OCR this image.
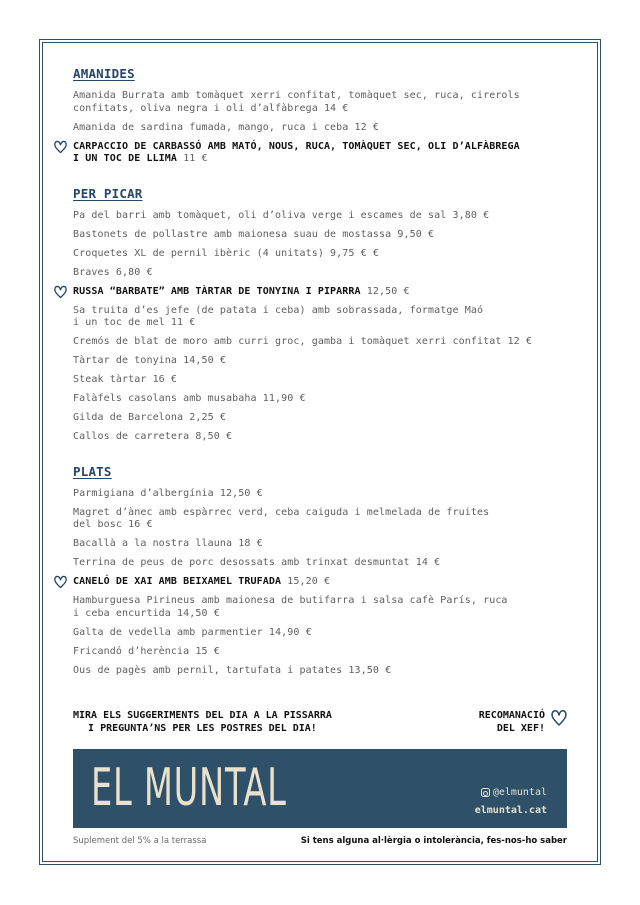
AMANIDES
Amanida Burrata amb tomàquet xerri confitat, tomàquet sec, ruca, cirerols
confitats, oliva negra i oli d’alfàbrega 14 €
Amanida de sardina fumada, mango, ruca i ceba 12 €
CARPACCIO DE CARBASSÓ AMB MATÓ, NOUS, RUCA, TOMÀQUET SEC, OLI D’ALFÀBREGA
I UN TOC DE LLIMA 11 €
PER PICAR
Pa del barri amb tomàquet, oli d’oliva verge i escames de sal 3,80 €
Bastonets de pollastre amb maionesa suau de mostassa 9,50 €
Croquetes XL de pernil ibèric (4 unitats) 9,75 € €
Braves 6,80 €
RUSSA “BARBATE” AMB TÀRTAR DE TONYINA I PIPARRA 12,50 €
Sa truita d’es jefe (de patata i ceba) amb sobrassada, formatge Maó
i un toc de mel 11 €
Cremós de blat de moro amb curri groc, gamba i tomàquet xerri confitat 12 €
Tàrtar de tonyina 14,50 €
Steak tàrtar 16 €
Falàfels casolans amb musabaha 11,90 €
Gilda de Barcelona 2,25 €
Callos de carretera 8,50 €
PLATS
Parmigiana d’albergínia 12,50 €
Magret d’ànec amb espàrrec verd, ceba caiguda i melmelada de fruites
del bosc 16 €
Bacallà a la nostra llauna 18 €
Terrina de peus de porc desossats amb trinxat desmuntat 14 €
CANELÓ DE XAI AMB BEIXAMEL TRUFADA 15,20 €
Hamburguesa Pirineus amb maionesa de butifarra i salsa cafè París, ruca
i ceba encurtida 14,50 €
Galta de vedella amb parmentier 14,90 €
Fricandó d’herència 15 €
Ous de pagès amb pernil, tartufata i patates 13,50 €
MIRA ELS SUGGERIMENTS DEL DIA A LA PISSARRA
I PREGUNTA’NS PER LES POSTRES DEL DIA!
RECOMANACIÓ
DEL XEF!
EL MUNTAL	@elmuntal
elmuntal.cat
Suplement del 5% a la terrassa	Si tens alguna al·lèrgia o intolerància, fes-nos-ho saber
